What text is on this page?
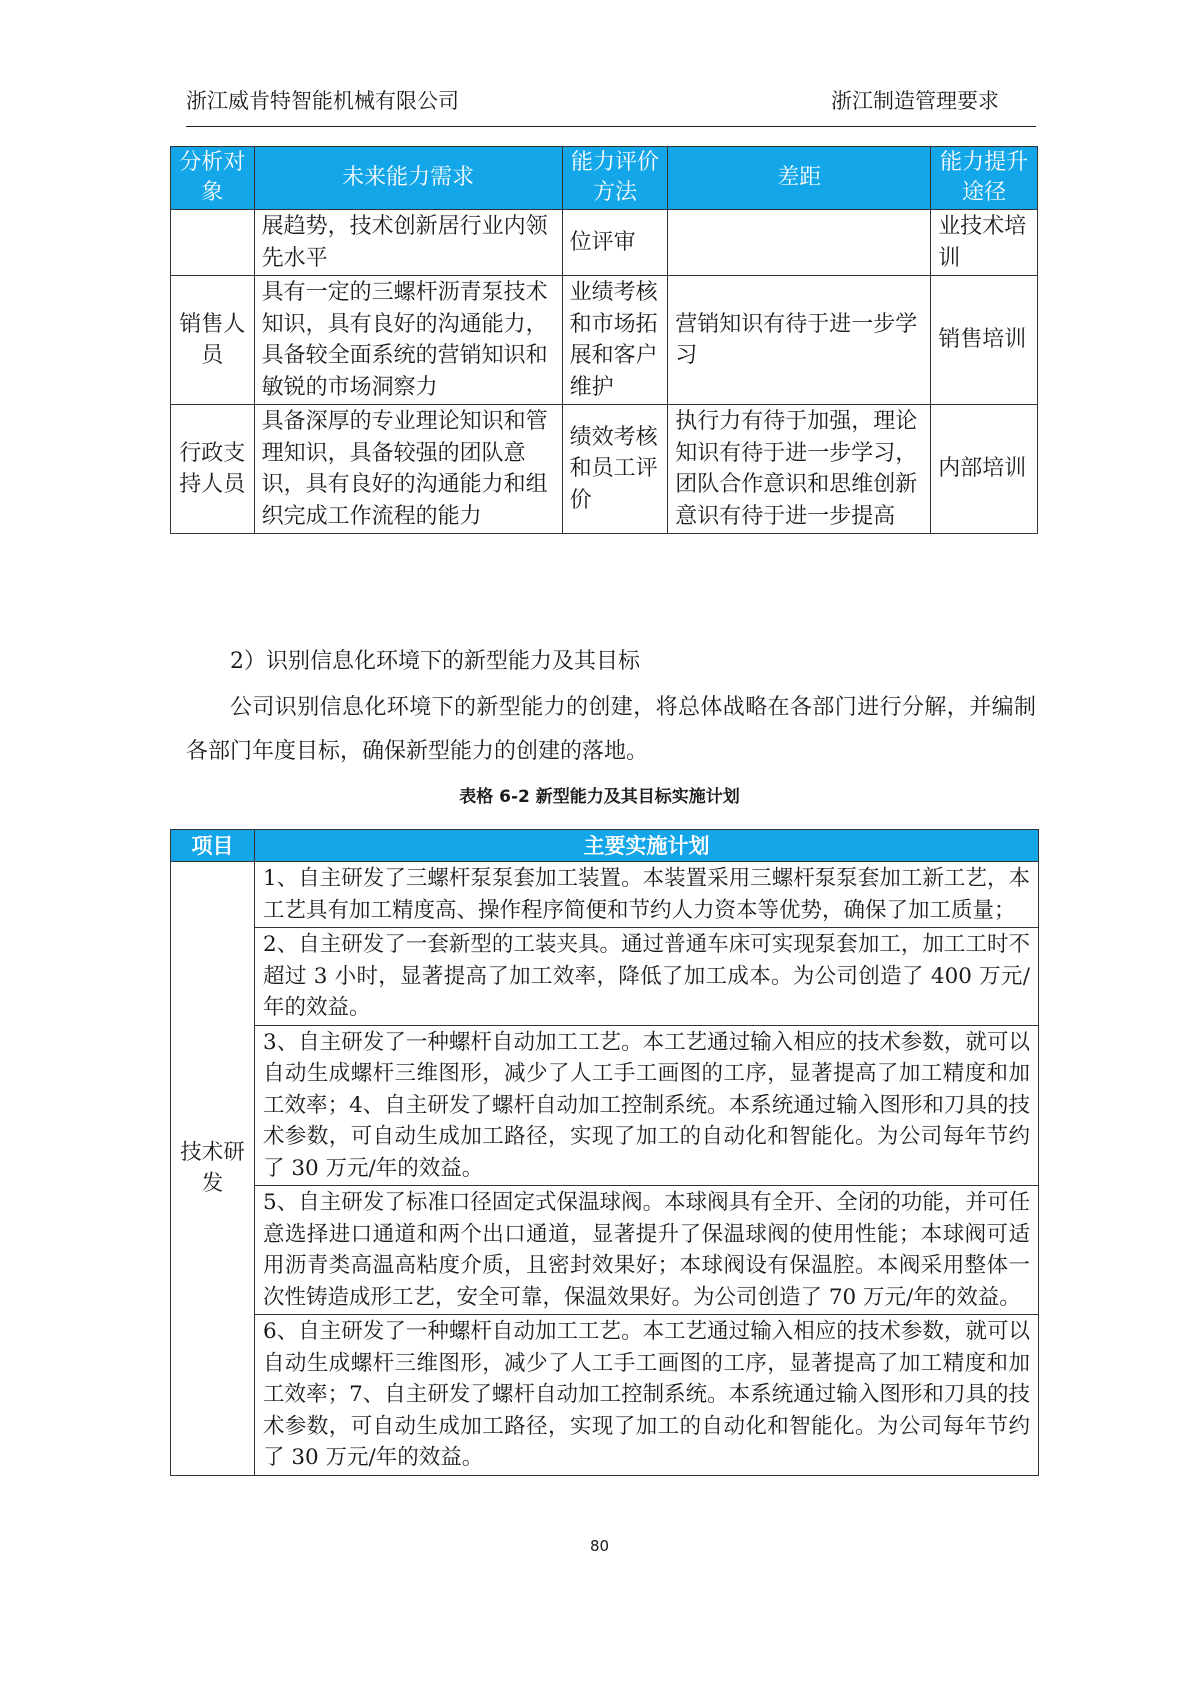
浙江威肯特智能机械有限公司	浙江制造管理要求
分析对象	未来能力需求	能力评价方法	差距	能力提升途径
	展趋势，技术创新居行业内领先水平	位评审		业技术培训
销售人员	具有一定的三螺杆沥青泵技术知识，具有良好的沟通能力，具备较全面系统的营销知识和敏锐的市场洞察力	业绩考核和市场拓展和客户维护	营销知识有待于进一步学习	销售培训
行政支持人员	具备深厚的专业理论知识和管理知识，具备较强的团队意识，具有良好的沟通能力和组织完成工作流程的能力	绩效考核和员工评价	执行力有待于加强，理论知识有待于进一步学习，团队合作意识和思维创新意识有待于进一步提高	内部培训
2）识别信息化环境下的新型能力及其目标
公司识别信息化环境下的新型能力的创建，将总体战略在各部门进行分解，并编制各部门年度目标，确保新型能力的创建的落地。
表格 6-2 新型能力及其目标实施计划
项目	主要实施计划
技术研发	1、自主研发了三螺杆泵泵套加工装置。本装置采用三螺杆泵泵套加工新工艺，本工艺具有加工精度高、操作程序简便和节约人力资本等优势，确保了加工质量；
	2、自主研发了一套新型的工装夹具。通过普通车床可实现泵套加工，加工工时不超过 3 小时，显著提高了加工效率，降低了加工成本。为公司创造了 400 万元/年的效益。
	3、自主研发了一种螺杆自动加工工艺。本工艺通过输入相应的技术参数，就可以自动生成螺杆三维图形，减少了人工手工画图的工序，显著提高了加工精度和加工效率；4、自主研发了螺杆自动加工控制系统。本系统通过输入图形和刀具的技术参数，可自动生成加工路径，实现了加工的自动化和智能化。为公司每年节约了 30 万元/年的效益。
	5、自主研发了标准口径固定式保温球阀。本球阀具有全开、全闭的功能，并可任意选择进口通道和两个出口通道，显著提升了保温球阀的使用性能；本球阀可适用沥青类高温高粘度介质，且密封效果好；本球阀设有保温腔。本阀采用整体一次性铸造成形工艺，安全可靠，保温效果好。为公司创造了 70 万元/年的效益。
	6、自主研发了一种螺杆自动加工工艺。本工艺通过输入相应的技术参数，就可以自动生成螺杆三维图形，减少了人工手工画图的工序，显著提高了加工精度和加工效率；7、自主研发了螺杆自动加工控制系统。本系统通过输入图形和刀具的技术参数，可自动生成加工路径，实现了加工的自动化和智能化。为公司每年节约了 30 万元/年的效益。
80
